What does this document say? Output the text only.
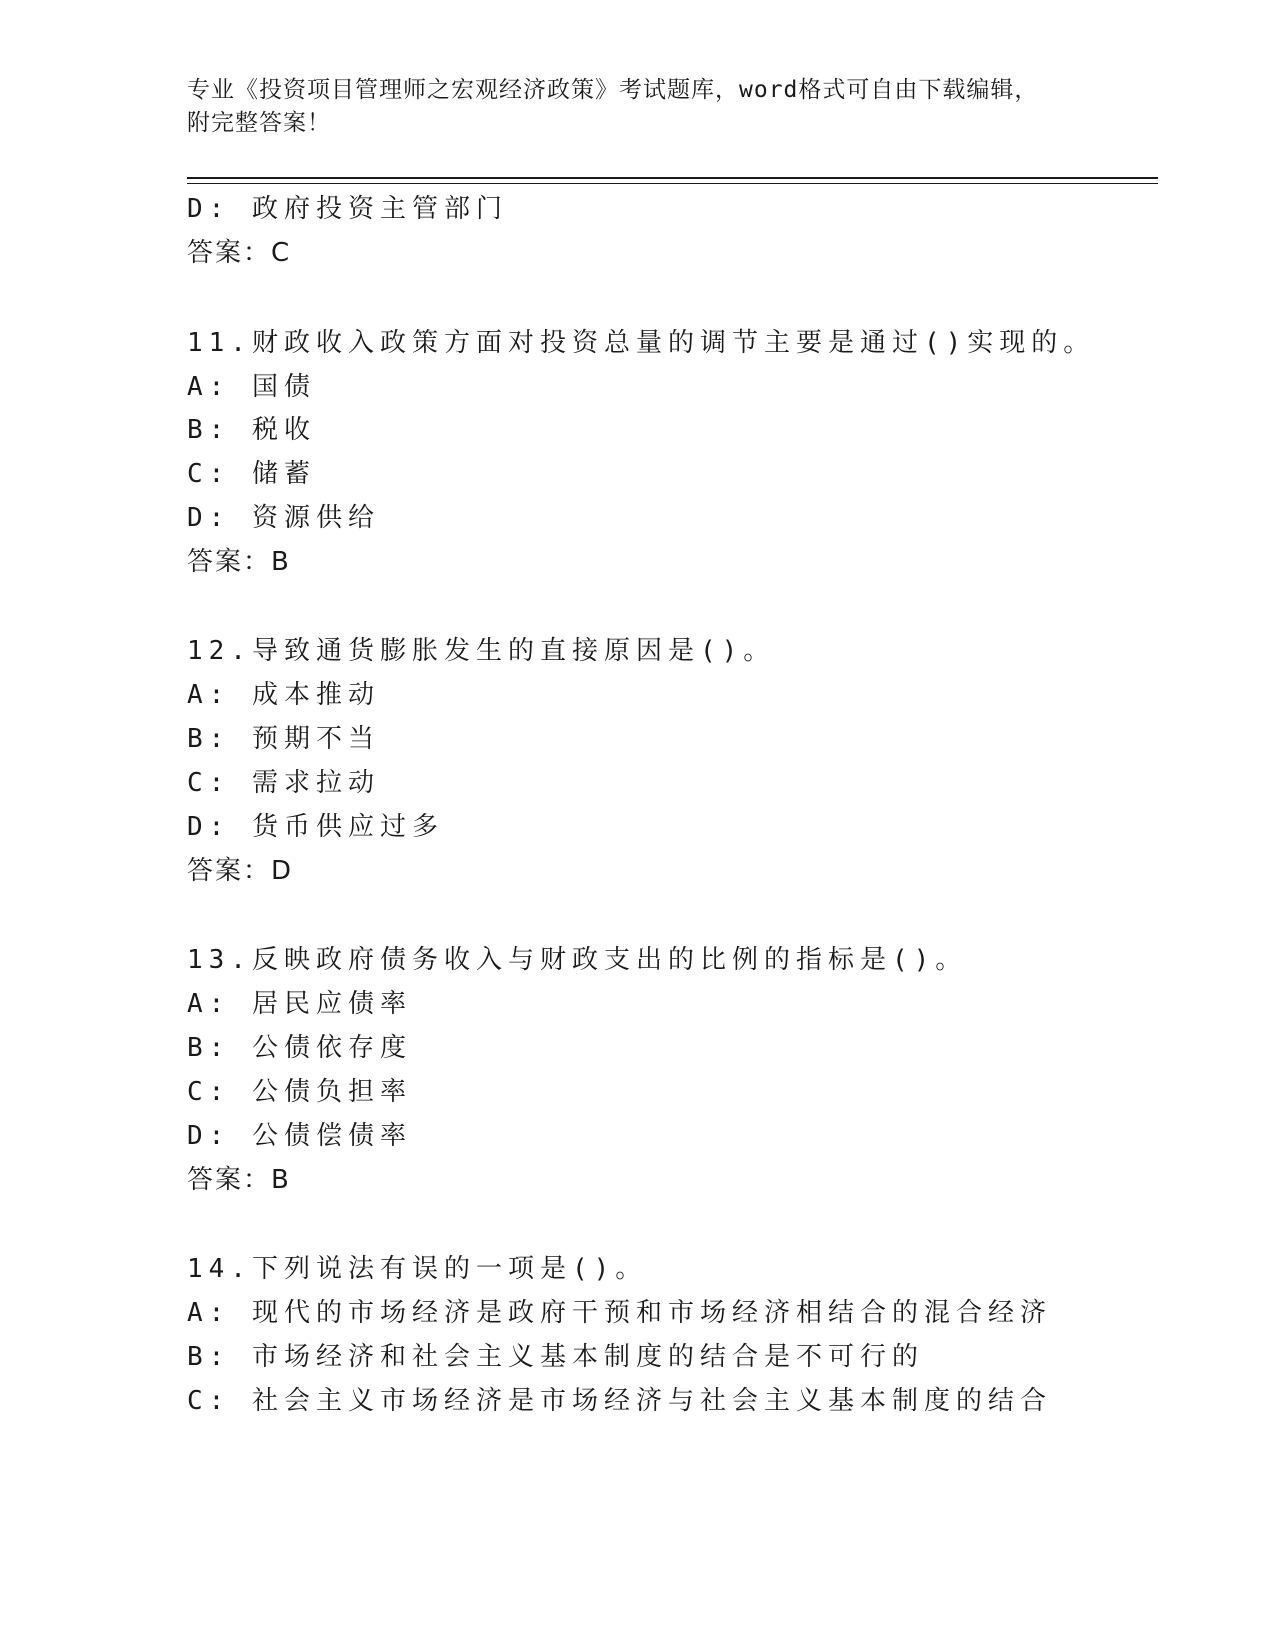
专业《投资项目管理师之宏观经济政策》考试题库，word格式可自由下载编辑，
附完整答案！
D: 政府投资主管部门
答案：C
11.财政收入政策方面对投资总量的调节主要是通过()实现的。
A: 国债
B: 税收
C: 储蓄
D: 资源供给
答案：B
12.导致通货膨胀发生的直接原因是()。
A: 成本推动
B: 预期不当
C: 需求拉动
D: 货币供应过多
答案：D
13.反映政府债务收入与财政支出的比例的指标是()。
A: 居民应债率
B: 公债依存度
C: 公债负担率
D: 公债偿债率
答案：B
14.下列说法有误的一项是()。
A: 现代的市场经济是政府干预和市场经济相结合的混合经济
B: 市场经济和社会主义基本制度的结合是不可行的
C: 社会主义市场经济是市场经济与社会主义基本制度的结合
